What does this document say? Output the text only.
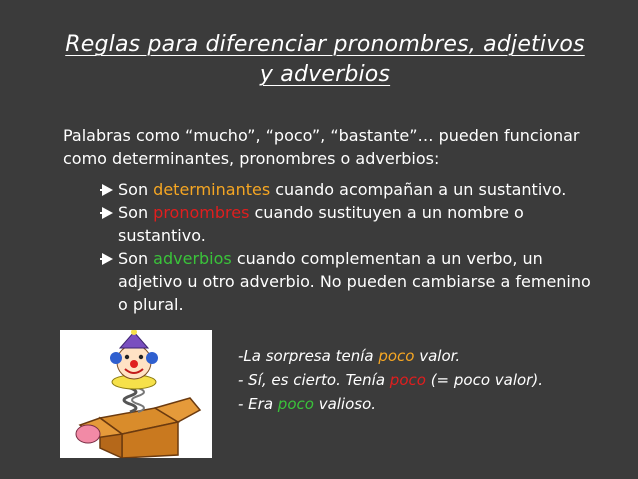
Reglas para diferenciar pronombres, adjetivos
y adverbios
Palabras como “mucho”, “poco”, “bastante”… pueden funcionar como determinantes, pronombres o adverbios:
Son determinantes cuando acompañan a un sustantivo.
Son pronombres cuando sustituyen a un nombre o sustantivo.
Son adverbios cuando complementan a un verbo, un adjetivo u otro adverbio. No pueden cambiarse a femenino o plural.
-La sorpresa tenía poco valor.
- Sí, es cierto. Tenía poco (= poco valor).
- Era poco valioso.
